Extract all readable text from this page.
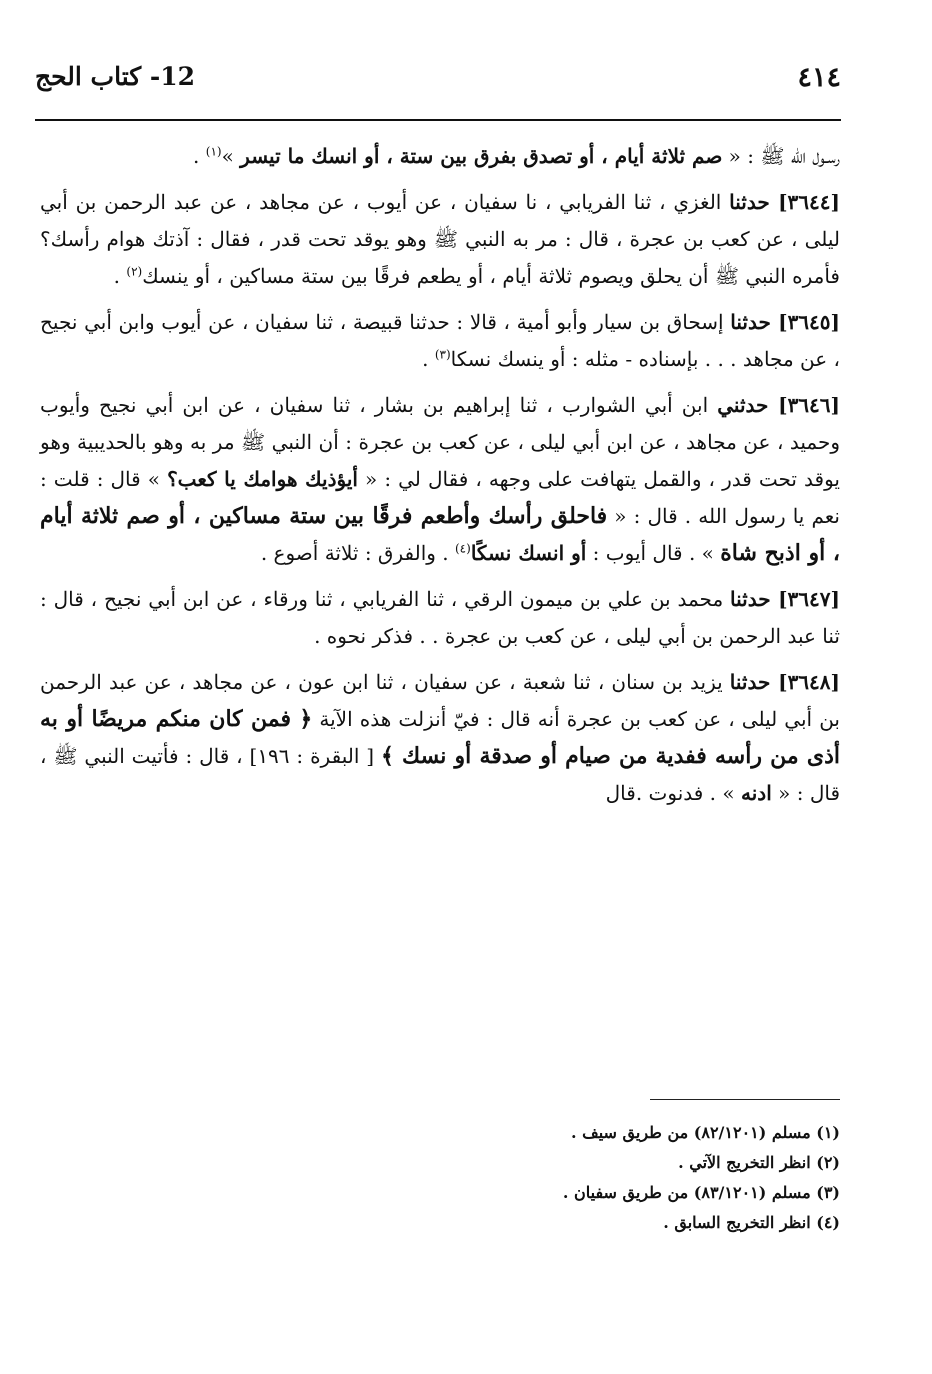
12- كتاب الحج	٤١٤

رسـول الله ﷺ : « صم ثلاثة أيام ، أو تصدق بفرق بين ستة ، أو انسك ما تيسر »$^{(١)}$ .

[٣٦٤٤] حدثنا الغزي ، ثنا الفريابي ، نا سفيان ، عن أيوب ، عن مجاهد ، عن عبد الرحمن بن أبي ليلى ، عن كعب بن عجرة ، قال : مر به النبي ﷺ وهو يوقد تحت قدر ، فقال : آذتك هوام رأسك؟ فأمره النبي ﷺ أن يحلق ويصوم ثلاثة أيام ، أو يطعم فرقًا بين ستة مساكين ، أو ينسك$^{(٢)}$ .

[٣٦٤٥] حدثنا إسحاق بن سيار وأبو أمية ، قالا : حدثنا قبيصة ، ثنا سفيان ، عن أيوب وابن أبي نجيح ، عن مجاهد . . . بإسناده - مثله : أو ينسك نسكا$^{(٣)}$ .

[٣٦٤٦] حدثني ابن أبي الشوارب ، ثنا إبراهيم بن بشار ، ثنا سفيان ، عن ابن أبي نجيح وأيوب وحميد ، عن مجاهد ، عن ابن أبي ليلى ، عن كعب بن عجرة : أن النبي ﷺ مر به وهو بالحديبية وهو يوقد تحت قدر ، والقمل يتهافت على وجهه ، فقال لي : « أيؤذيك هوامك يا كعب؟ » قال : قلت : نعم يا رسول الله . قال : « فاحلق رأسك وأطعم فرقًا بين ستة مساكين ، أو صم ثلاثة أيام ، أو اذبح شاة » . قال أيوب : أو انسك نسكًا$^{(٤)}$ . والفرق : ثلاثة أصوع .

[٣٦٤٧] حدثنا محمد بن علي بن ميمون الرقي ، ثنا الفريابي ، ثنا ورقاء ، عن ابن أبي نجيح ، قال : ثنا عبد الرحمن بن أبي ليلى ، عن كعب بن عجرة . . فذكر نحوه .

[٣٦٤٨] حدثنا يزيد بن سنان ، ثنا شعبة ، عن سفيان ، ثنا ابن عون ، عن مجاهد ، عن عبد الرحمن بن أبي ليلى ، عن كعب بن عجرة أنه قال : فيّ أنزلت هذه الآية ﴿ فمن كان منكم مريضًا أو به أذى من رأسه ففدية من صيام أو صدقة أو نسك ﴾ [ البقرة : ١٩٦] ، قال : فأتيت النبي ﷺ ، قال : « ادنه » . فدنوت .قال

(١) مسلم (٨٢/١٢٠١) من طريق سيف .
(٢) انظر التخريج الآتي .
(٣) مسلم (٨٣/١٢٠١) من طريق سفيان .
(٤) انظر التخريج السابق .
